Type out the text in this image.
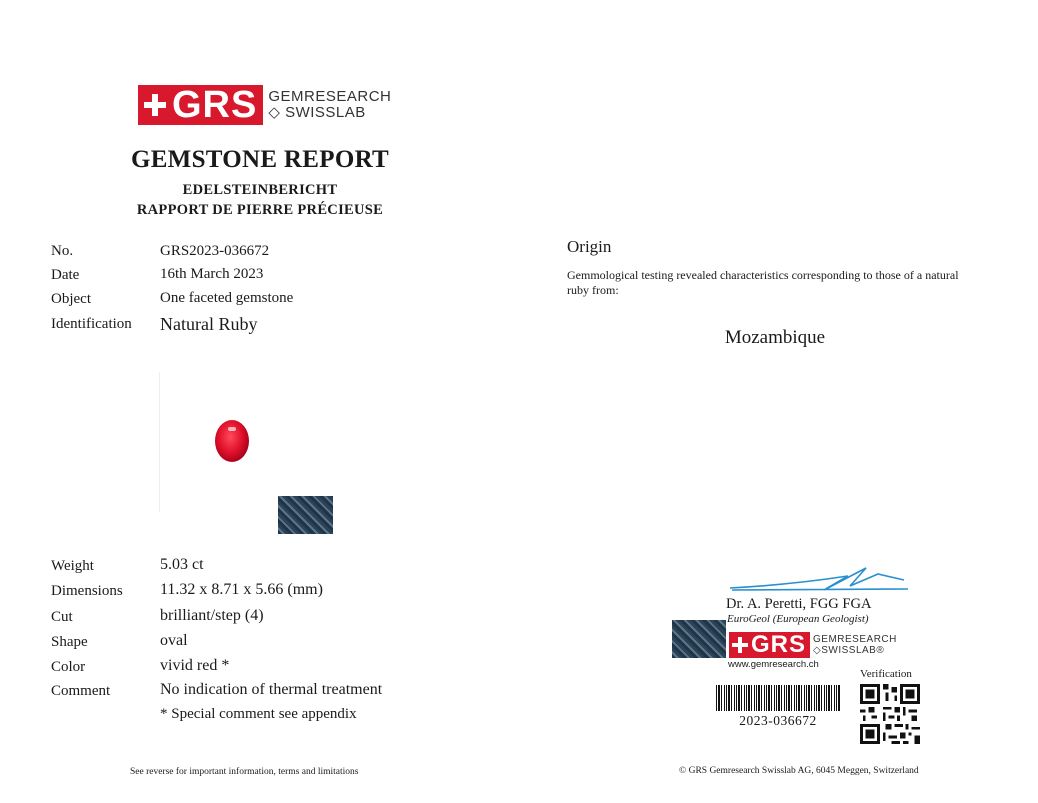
GRS GEMRESEARCH
◇ SWISSLAB
GEMSTONE REPORT
EDELSTEINBERICHT
RAPPORT DE PIERRE PRÉCIEUSE
No.	GRS2023-036672
Date	16th March 2023
Object	One faceted gemstone
Identification Natural Ruby
Weight	5.03 ct
Dimensions 11.32 x 8.71 x 5.66 (mm)
Cut	brilliant/step (4)
Shape	oval
Color	vivid red *
Comment	No indication of thermal treatment
* Special comment see appendix
Origin
Gemmological testing revealed characteristics corresponding to those of a natural ruby from:
Mozambique
Dr. A. Peretti, FGG FGA
EuroGeol (European Geologist)
GRS GEMRESEARCH
◇SWISSLAB®
www.gemresearch.ch
Verification
2023-036672
See reverse for important information, terms and limitations	© GRS Gemresearch Swisslab AG, 6045 Meggen, Switzerland
